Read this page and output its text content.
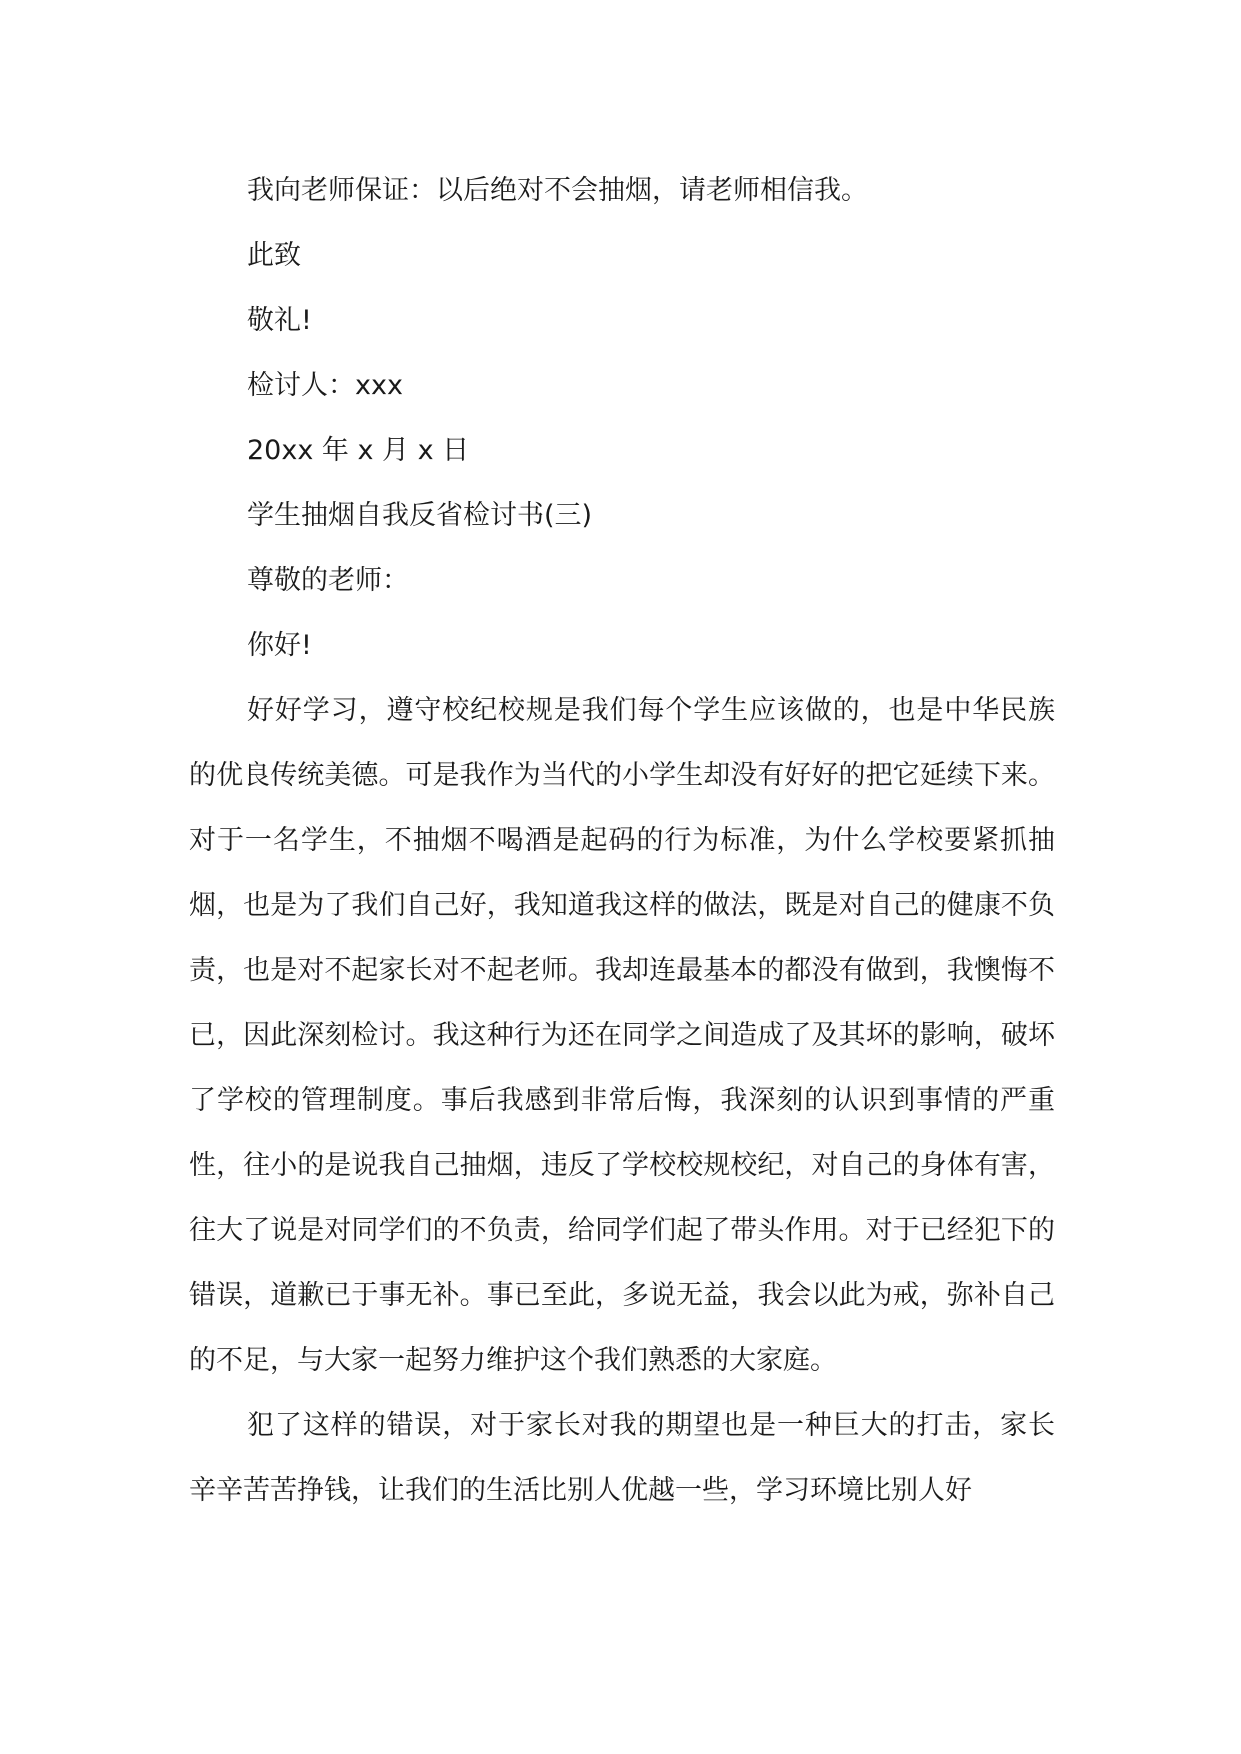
我向老师保证：以后绝对不会抽烟，请老师相信我。
此致
敬礼!
检讨人：xxx
20xx 年 x 月 x 日
学生抽烟自我反省检讨书(三)
尊敬的老师：
你好!

好好学习，遵守校纪校规是我们每个学生应该做的，也是中华民族的优良传统美德。可是我作为当代的小学生却没有好好的把它延续下来。对于一名学生，不抽烟不喝酒是起码的行为标准，为什么学校要紧抓抽烟，也是为了我们自己好，我知道我这样的做法，既是对自己的健康不负责，也是对不起家长对不起老师。我却连最基本的都没有做到，我懊悔不已，因此深刻检讨。我这种行为还在同学之间造成了及其坏的影响，破坏了学校的管理制度。事后我感到非常后悔，我深刻的认识到事情的严重性，往小的是说我自己抽烟，违反了学校校规校纪，对自己的身体有害，往大了说是对同学们的不负责，给同学们起了带头作用。对于已经犯下的错误，道歉已于事无补。事已至此，多说无益，我会以此为戒，弥补自己的不足，与大家一起努力维护这个我们熟悉的大家庭。

犯了这样的错误，对于家长对我的期望也是一种巨大的打击，家长辛辛苦苦挣钱，让我们的生活比别人优越一些，学习环境比别人好
